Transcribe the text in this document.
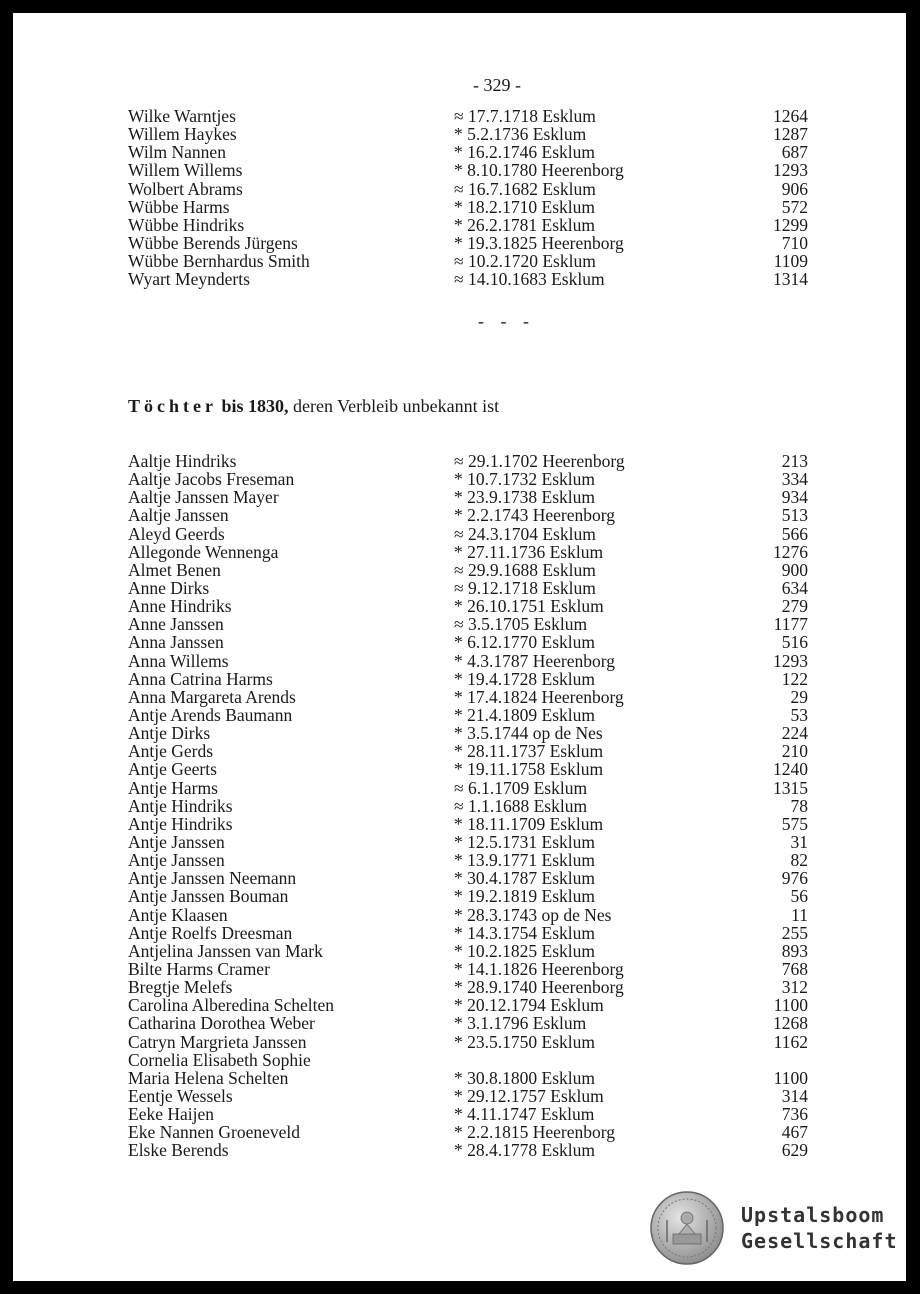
- 329 -
Wilke Warntjes	≈ 17.7.1718 Esklum	1264
Willem Haykes	* 5.2.1736 Esklum	1287
Wilm Nannen	* 16.2.1746 Esklum	687
Willem Willems	* 8.10.1780 Heerenborg	1293
Wolbert Abrams	≈ 16.7.1682 Esklum	906
Wübbe Harms	* 18.2.1710 Esklum	572
Wübbe Hindriks	* 26.2.1781 Esklum	1299
Wübbe Berends Jürgens	* 19.3.1825 Heerenborg	710
Wübbe Bernhardus Smith	≈ 10.2.1720 Esklum	1109
Wyart Meynderts	≈ 14.10.1683 Esklum	1314
- - -
Töchter bis 1830, deren Verbleib unbekannt ist
Aaltje Hindriks	≈ 29.1.1702 Heerenborg	213
Aaltje Jacobs Freseman	* 10.7.1732 Esklum	334
Aaltje Janssen Mayer	* 23.9.1738 Esklum	934
Aaltje Janssen	* 2.2.1743 Heerenborg	513
Aleyd Geerds	≈ 24.3.1704 Esklum	566
Allegonde Wennenga	* 27.11.1736 Esklum	1276
Almet Benen	≈ 29.9.1688 Esklum	900
Anne Dirks	≈ 9.12.1718 Esklum	634
Anne Hindriks	* 26.10.1751 Esklum	279
Anne Janssen	≈ 3.5.1705 Esklum	1177
Anna Janssen	* 6.12.1770 Esklum	516
Anna Willems	* 4.3.1787 Heerenborg	1293
Anna Catrina Harms	* 19.4.1728 Esklum	122
Anna Margareta Arends	* 17.4.1824 Heerenborg	29
Antje Arends Baumann	* 21.4.1809 Esklum	53
Antje Dirks	* 3.5.1744 op de Nes	224
Antje Gerds	* 28.11.1737 Esklum	210
Antje Geerts	* 19.11.1758 Esklum	1240
Antje Harms	≈ 6.1.1709 Esklum	1315
Antje Hindriks	≈ 1.1.1688 Esklum	78
Antje Hindriks	* 18.11.1709 Esklum	575
Antje Janssen	* 12.5.1731 Esklum	31
Antje Janssen	* 13.9.1771 Esklum	82
Antje Janssen Neemann	* 30.4.1787 Esklum	976
Antje Janssen Bouman	* 19.2.1819 Esklum	56
Antje Klaasen	* 28.3.1743 op de Nes	11
Antje Roelfs Dreesman	* 14.3.1754 Esklum	255
Antjelina Janssen van Mark	* 10.2.1825 Esklum	893
Bilte Harms Cramer	* 14.1.1826 Heerenborg	768
Bregtje Melefs	* 28.9.1740 Heerenborg	312
Carolina Alberedina Schelten	* 20.12.1794 Esklum	1100
Catharina Dorothea Weber	* 3.1.1796 Esklum	1268
Catryn Margrieta Janssen	* 23.5.1750 Esklum	1162
Cornelia Elisabeth Sophie
Maria Helena Schelten	* 30.8.1800 Esklum	1100
Eentje Wessels	* 29.12.1757 Esklum	314
Eeke Haijen	* 4.11.1747 Esklum	736
Eke Nannen Groeneveld	* 2.2.1815 Heerenborg	467
Elske Berends	* 28.4.1778 Esklum	629
Upstalsboom
Gesellschaft
